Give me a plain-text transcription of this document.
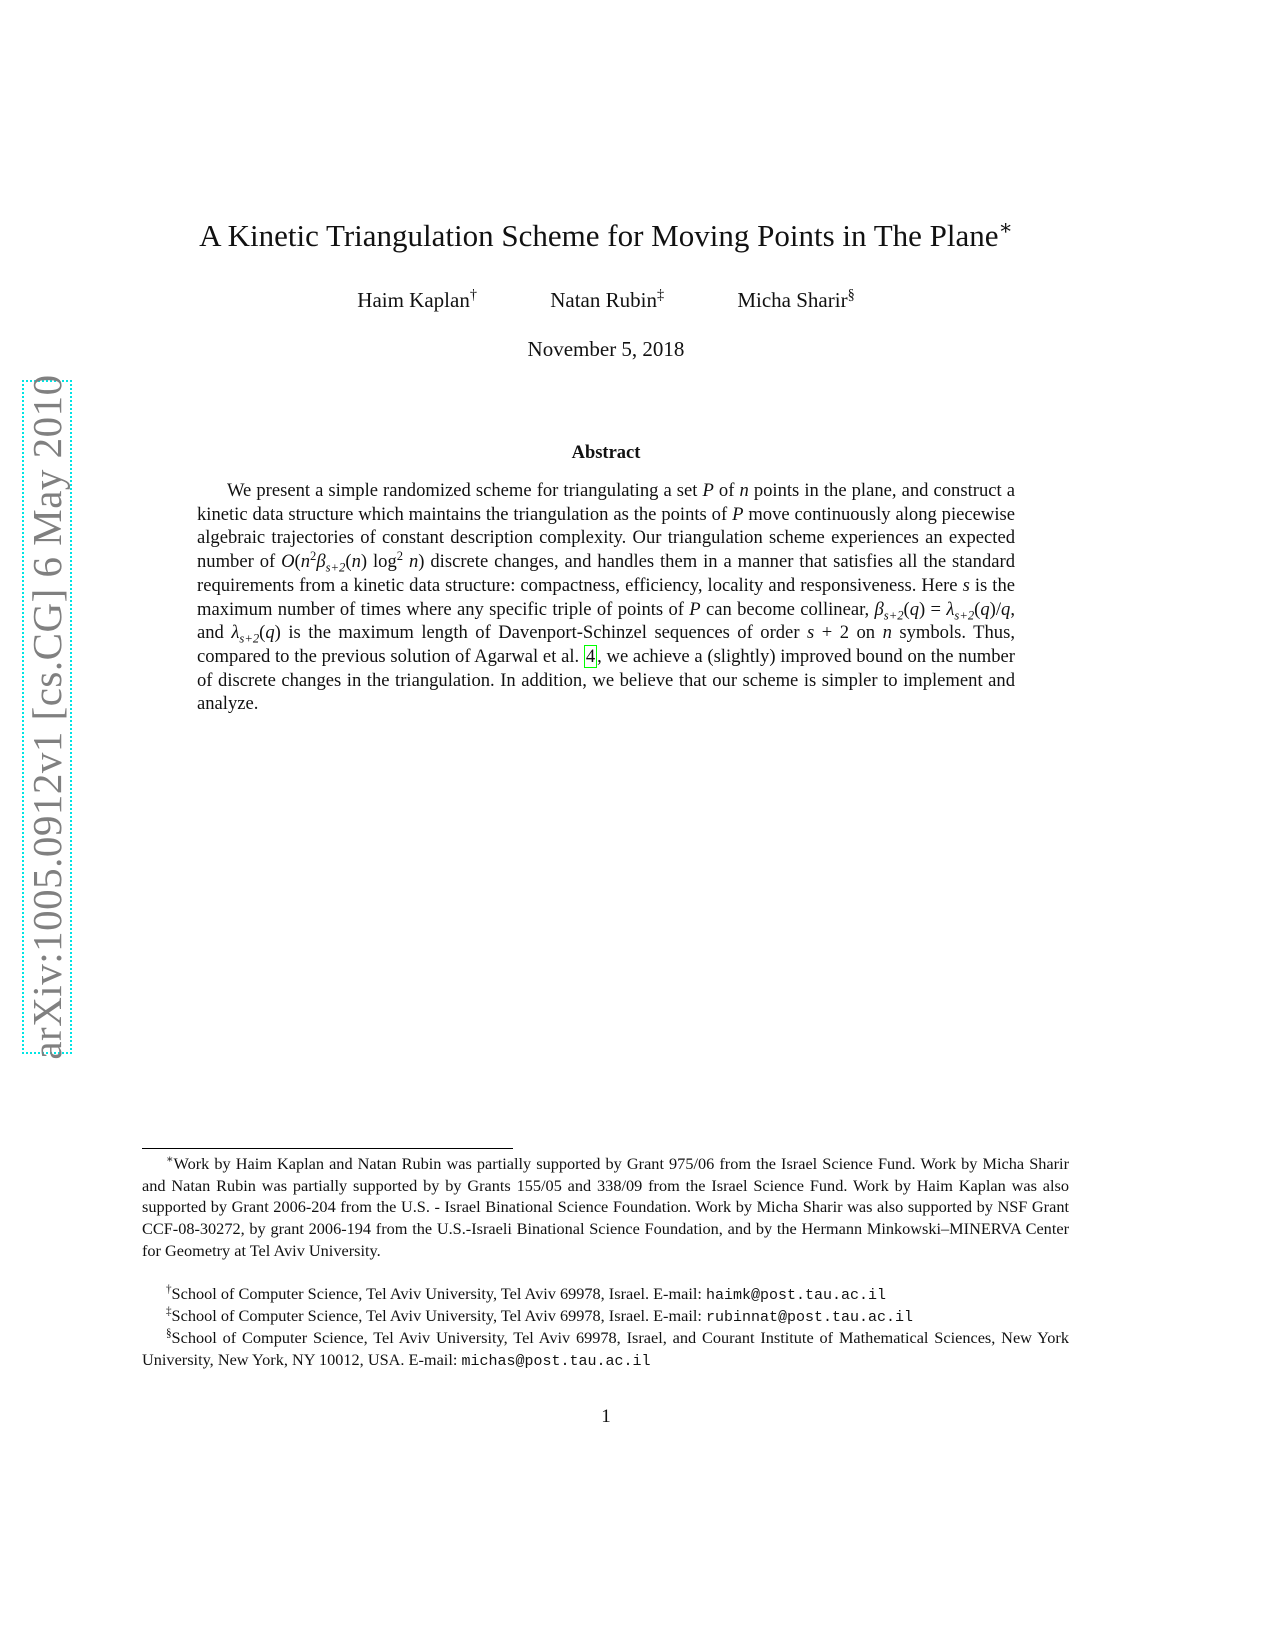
arXiv:1005.0912v1 [cs.CG] 6 May 2010
A Kinetic Triangulation Scheme for Moving Points in The Plane∗
Haim Kaplan†	Natan Rubin‡	Micha Sharir§
November 5, 2018
Abstract
We present a simple randomized scheme for triangulating a set P of n points in the plane, and construct a kinetic data structure which maintains the triangulation as the points of P move continuously along piecewise algebraic trajectories of constant description complexity. Our triangulation scheme experiences an expected number of $O(n^2\beta_{s+2}(n)$ $\log^2 n$) discrete changes, and handles them in a manner that satisfies all the standard requirements from a kinetic data structure: compactness, efficiency, locality and responsiveness. Here s is the maximum number of times where any specific triple of points of P can become collinear, $\beta_{s+2}(q) = \lambda_{s+2}(q)/q$, and $\lambda_{s+2}(q)$ is the maximum length of Davenport-Schinzel sequences of order s + 2 on n symbols. Thus, compared to the previous solution of Agarwal et al. 4 , we achieve a (slightly) improved bound on the number of discrete changes in the triangulation. In addition, we believe that our scheme is simpler to implement and analyze.
∗Work by Haim Kaplan and Natan Rubin was partially supported by Grant 975/06 from the Israel Science Fund. Work by Micha Sharir and Natan Rubin was partially supported by by Grants 155/05 and 338/09 from the Israel Science Fund. Work by Haim Kaplan was also supported by Grant 2006-204 from the U.S. - Israel Binational Science Foundation. Work by Micha Sharir was also supported by NSF Grant CCF-08-30272, by grant 2006-194 from the U.S.-Israeli Binational Science Foundation, and by the Hermann Minkowski–MINERVA Center for Geometry at Tel Aviv University.
†School of Computer Science, Tel Aviv University, Tel Aviv 69978, Israel. E-mail: haimk@post.tau.ac.il
‡School of Computer Science, Tel Aviv University, Tel Aviv 69978, Israel. E-mail: rubinnat@post.tau.ac.il
§School of Computer Science, Tel Aviv University, Tel Aviv 69978, Israel, and Courant Institute of Mathematical Sciences, New York University, New York, NY 10012, USA. E-mail: michas@post.tau.ac.il
1
